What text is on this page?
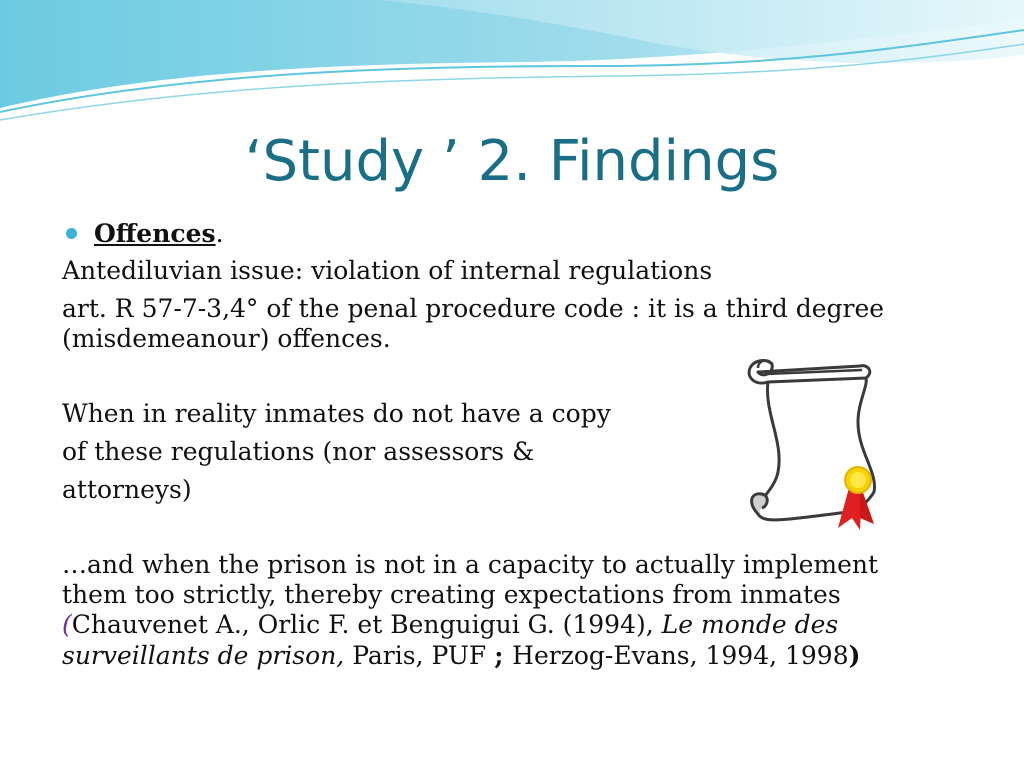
‘Study ’ 2. Findings
Offences.
Antediluvian issue: violation of internal regulations
art. R 57-7-3,4° of the penal procedure code : it is a third degree
(misdemeanour) offences.
When in reality inmates do not have a copy
of these regulations (nor assessors &
attorneys)
…and when the prison is not in a capacity to actually implement
them too strictly, thereby creating expectations from inmates
(Chauvenet A., Orlic F. et Benguigui G. (1994), Le monde des
surveillants de prison, Paris, PUF ; Herzog-Evans, 1994, 1998)
